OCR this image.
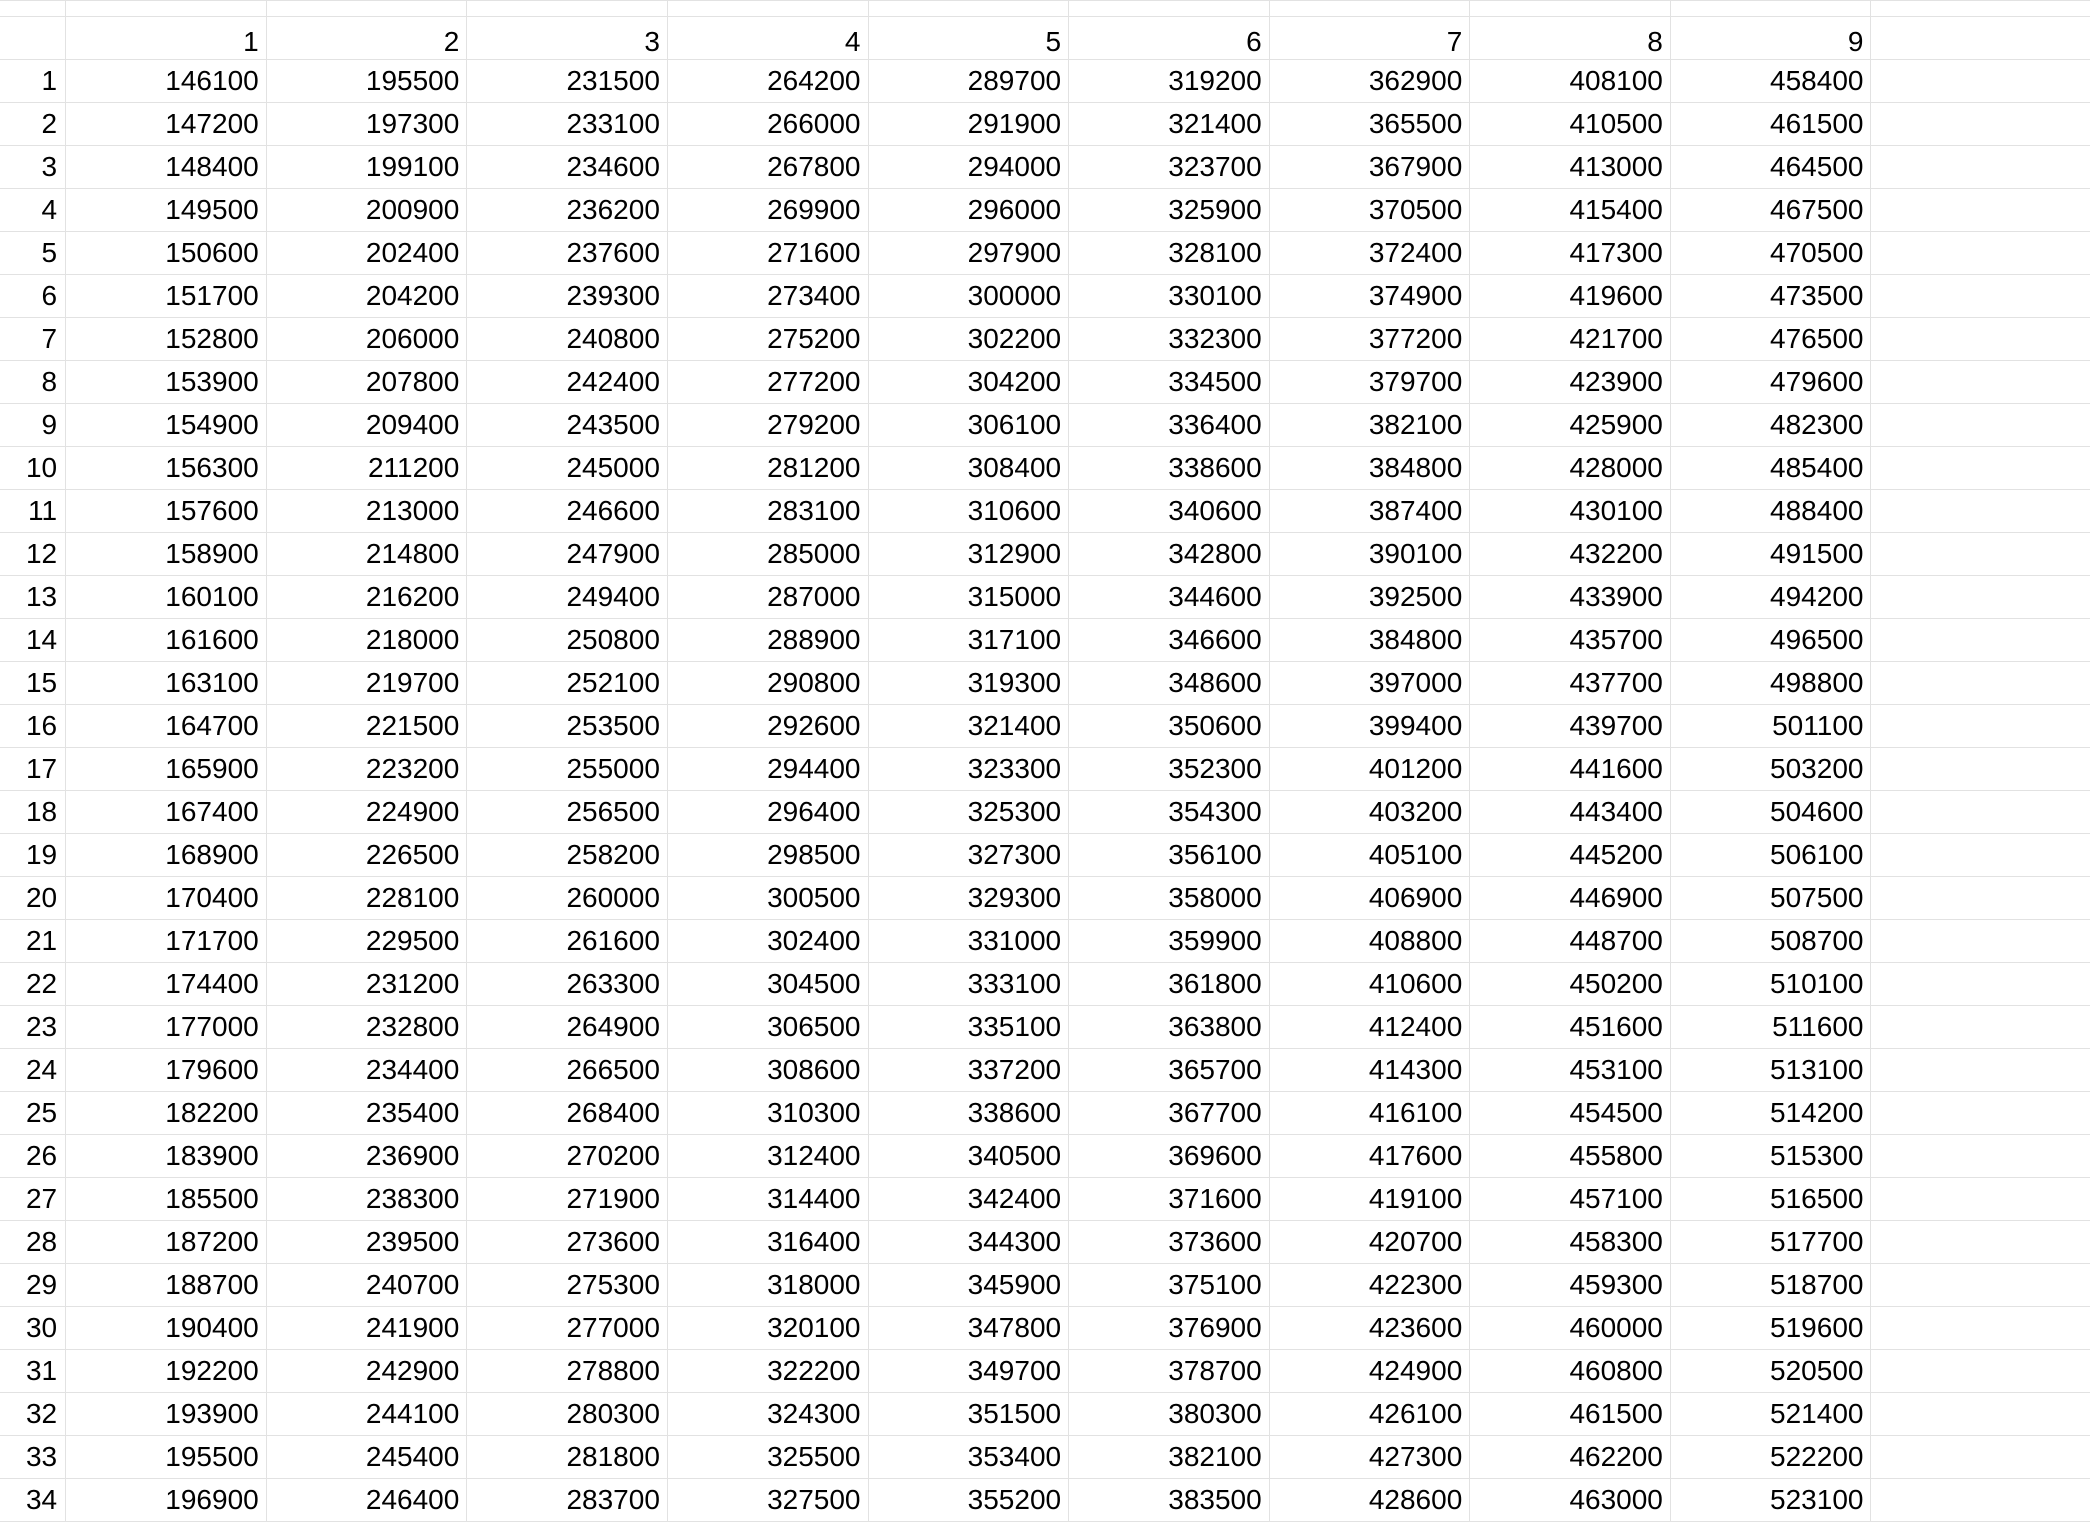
	1	2	3	4	5	6	7	8	9	
1	146100	195500	231500	264200	289700	319200	362900	408100	458400	
2	147200	197300	233100	266000	291900	321400	365500	410500	461500	
3	148400	199100	234600	267800	294000	323700	367900	413000	464500	
4	149500	200900	236200	269900	296000	325900	370500	415400	467500	
5	150600	202400	237600	271600	297900	328100	372400	417300	470500	
6	151700	204200	239300	273400	300000	330100	374900	419600	473500	
7	152800	206000	240800	275200	302200	332300	377200	421700	476500	
8	153900	207800	242400	277200	304200	334500	379700	423900	479600	
9	154900	209400	243500	279200	306100	336400	382100	425900	482300	
10	156300	211200	245000	281200	308400	338600	384800	428000	485400	
11	157600	213000	246600	283100	310600	340600	387400	430100	488400	
12	158900	214800	247900	285000	312900	342800	390100	432200	491500	
13	160100	216200	249400	287000	315000	344600	392500	433900	494200	
14	161600	218000	250800	288900	317100	346600	384800	435700	496500	
15	163100	219700	252100	290800	319300	348600	397000	437700	498800	
16	164700	221500	253500	292600	321400	350600	399400	439700	501100	
17	165900	223200	255000	294400	323300	352300	401200	441600	503200	
18	167400	224900	256500	296400	325300	354300	403200	443400	504600	
19	168900	226500	258200	298500	327300	356100	405100	445200	506100	
20	170400	228100	260000	300500	329300	358000	406900	446900	507500	
21	171700	229500	261600	302400	331000	359900	408800	448700	508700	
22	174400	231200	263300	304500	333100	361800	410600	450200	510100	
23	177000	232800	264900	306500	335100	363800	412400	451600	511600	
24	179600	234400	266500	308600	337200	365700	414300	453100	513100	
25	182200	235400	268400	310300	338600	367700	416100	454500	514200	
26	183900	236900	270200	312400	340500	369600	417600	455800	515300	
27	185500	238300	271900	314400	342400	371600	419100	457100	516500	
28	187200	239500	273600	316400	344300	373600	420700	458300	517700	
29	188700	240700	275300	318000	345900	375100	422300	459300	518700	
30	190400	241900	277000	320100	347800	376900	423600	460000	519600	
31	192200	242900	278800	322200	349700	378700	424900	460800	520500	
32	193900	244100	280300	324300	351500	380300	426100	461500	521400	
33	195500	245400	281800	325500	353400	382100	427300	462200	522200	
34	196900	246400	283700	327500	355200	383500	428600	463000	523100	
